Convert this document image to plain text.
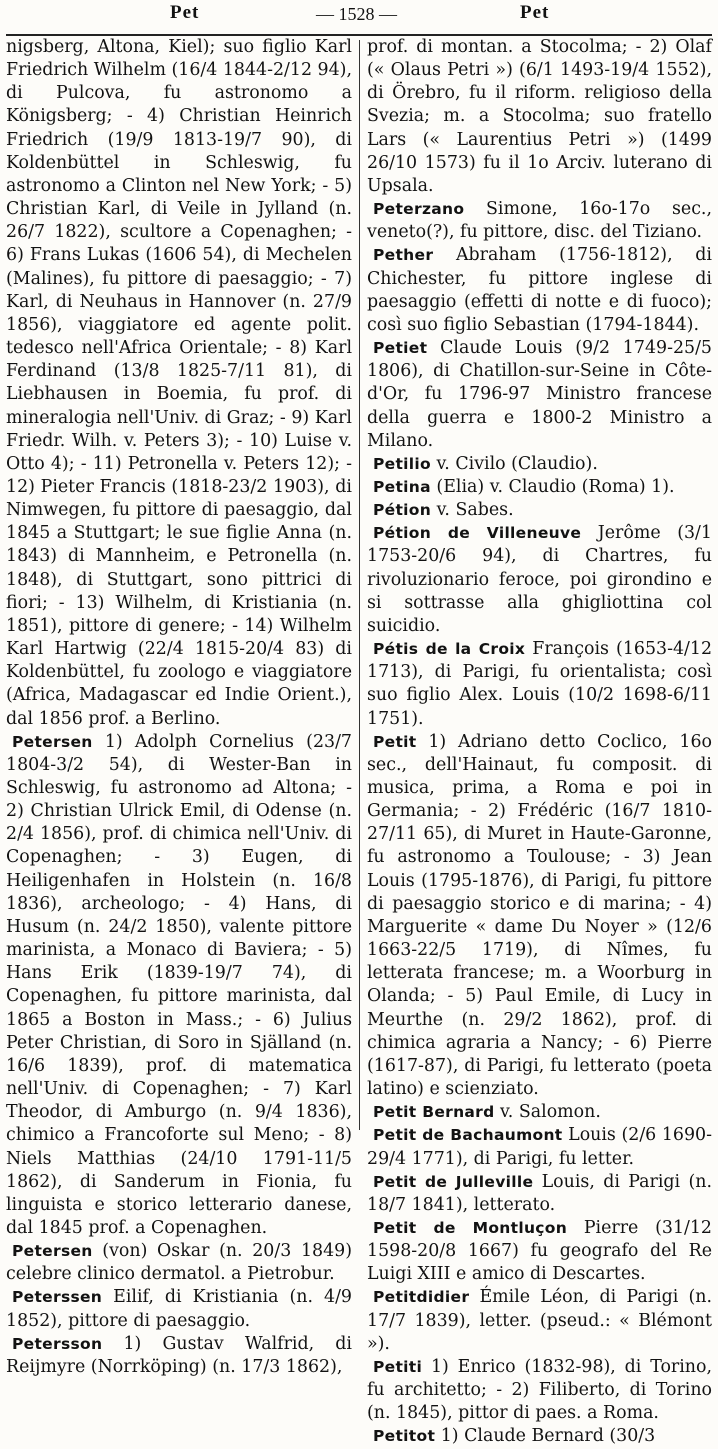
Pet	— 1528 —	Pet

nigsberg, Altona, Kiel); suo figlio Karl Friedrich Wilhelm (16/4 1844-2/12 94), di Pulcova, fu astronomo a Königsberg; - 4) Christian Heinrich Friedrich (19/9 1813-19/7 90), di Koldenbüttel in Schleswig, fu astronomo a Clinton nel New York; - 5) Christian Karl, di Veile in Jylland (n. 26/7 1822), scultore a Copenaghen; - 6) Frans Lukas (1606 54), di Mechelen (Malines), fu pittore di paesaggio; - 7) Karl, di Neuhaus in Hannover (n. 27/9 1856), viaggiatore ed agente polit. tedesco nell'Africa Orientale; - 8) Karl Ferdinand (13/8 1825-7/11 81), di Liebhausen in Boemia, fu prof. di mineralogia nell'Univ. di Graz; - 9) Karl Friedr. Wilh. v. Peters 3); - 10) Luise v. Otto 4); - 11) Petronella v. Peters 12); - 12) Pieter Francis (1818-23/2 1903), di Nimwegen, fu pittore di paesaggio, dal 1845 a Stuttgart; le sue figlie Anna (n. 1843) di Mannheim, e Petronella (n. 1848), di Stuttgart, sono pittrici di fiori; - 13) Wilhelm, di Kristiania (n. 1851), pittore di genere; - 14) Wilhelm Karl Hartwig (22/4 1815-20/4 83) di Koldenbüttel, fu zoologo e viaggiatore (Africa, Madagascar ed Indie Orient.), dal 1856 prof. a Berlino.

Petersen 1) Adolph Cornelius (23/7 1804-3/2 54), di Wester-Ban in Schleswig, fu astronomo ad Altona; - 2) Christian Ulrick Emil, di Odense (n. 2/4 1856), prof. di chimica nell'Univ. di Copenaghen; - 3) Eugen, di Heiligenhafen in Holstein (n. 16/8 1836), archeologo; - 4) Hans, di Husum (n. 24/2 1850), valente pittore marinista, a Monaco di Baviera; - 5) Hans Erik (1839-19/7 74), di Copenaghen, fu pittore marinista, dal 1865 a Boston in Mass.; - 6) Julius Peter Christian, di Soro in Själland (n. 16/6 1839), prof. di matematica nell'Univ. di Copenaghen; - 7) Karl Theodor, di Amburgo (n. 9/4 1836), chimico a Francoforte sul Meno; - 8) Niels Matthias (24/10 1791-11/5 1862), di Sanderum in Fionia, fu linguista e storico letterario danese, dal 1845 prof. a Copenaghen.

Petersen (von) Oskar (n. 20/3 1849) celebre clinico dermatol. a Pietrobur.

Peterssen Eilif, di Kristiania (n. 4/9 1852), pittore di paesaggio.

Petersson 1) Gustav Walfrid, di Reijmyre (Norrköping) (n. 17/3 1862),

prof. di montan. a Stocolma; - 2) Olaf (« Olaus Petri ») (6/1 1493-19/4 1552), di Örebro, fu il riform. religioso della Svezia; m. a Stocolma; suo fratello Lars (« Laurentius Petri ») (1499 26/10 1573) fu il 1o Arciv. luterano di Upsala.

Peterzano Simone, 16o-17o sec., veneto(?), fu pittore, disc. del Tiziano.

Pether Abraham (1756-1812), di Chichester, fu pittore inglese di paesaggio (effetti di notte e di fuoco); così suo figlio Sebastian (1794-1844).

Petiet Claude Louis (9/2 1749-25/5 1806), di Chatillon-sur-Seine in Côte-d'Or, fu 1796-97 Ministro francese della guerra e 1800-2 Ministro a Milano.

Petilio v. Civilo (Claudio).

Petina (Elia) v. Claudio (Roma) 1).

Pétion v. Sabes.

Pétion de Villeneuve Jerôme (3/1 1753-20/6 94), di Chartres, fu rivoluzionario feroce, poi girondino e si sottrasse alla ghigliottina col suicidio.

Pétis de la Croix François (1653-4/12 1713), di Parigi, fu orientalista; così suo figlio Alex. Louis (10/2 1698-6/11 1751).

Petit 1) Adriano detto Coclico, 16o sec., dell'Hainaut, fu composit. di musica, prima, a Roma e poi in Germania; - 2) Frédéric (16/7 1810-27/11 65), di Muret in Haute-Garonne, fu astronomo a Toulouse; - 3) Jean Louis (1795-1876), di Parigi, fu pittore di paesaggio storico e di marina; - 4) Marguerite « dame Du Noyer » (12/6 1663-22/5 1719), di Nîmes, fu letterata francese; m. a Woorburg in Olanda; - 5) Paul Emile, di Lucy in Meurthe (n. 29/2 1862), prof. di chimica agraria a Nancy; - 6) Pierre (1617-87), di Parigi, fu letterato (poeta latino) e scienziato.

Petit Bernard v. Salomon.

Petit de Bachaumont Louis (2/6 1690-29/4 1771), di Parigi, fu letter.

Petit de Julleville Louis, di Parigi (n. 18/7 1841), letterato.

Petit de Montluçon Pierre (31/12 1598-20/8 1667) fu geografo del Re Luigi XIII e amico di Descartes.

Petitdidier Émile Léon, di Parigi (n. 17/7 1839), letter. (pseud.: « Blémont »).

Petiti 1) Enrico (1832-98), di Torino, fu architetto; - 2) Filiberto, di Torino (n. 1845), pittor di paes. a Roma.

Petitot 1) Claude Bernard (30/3
